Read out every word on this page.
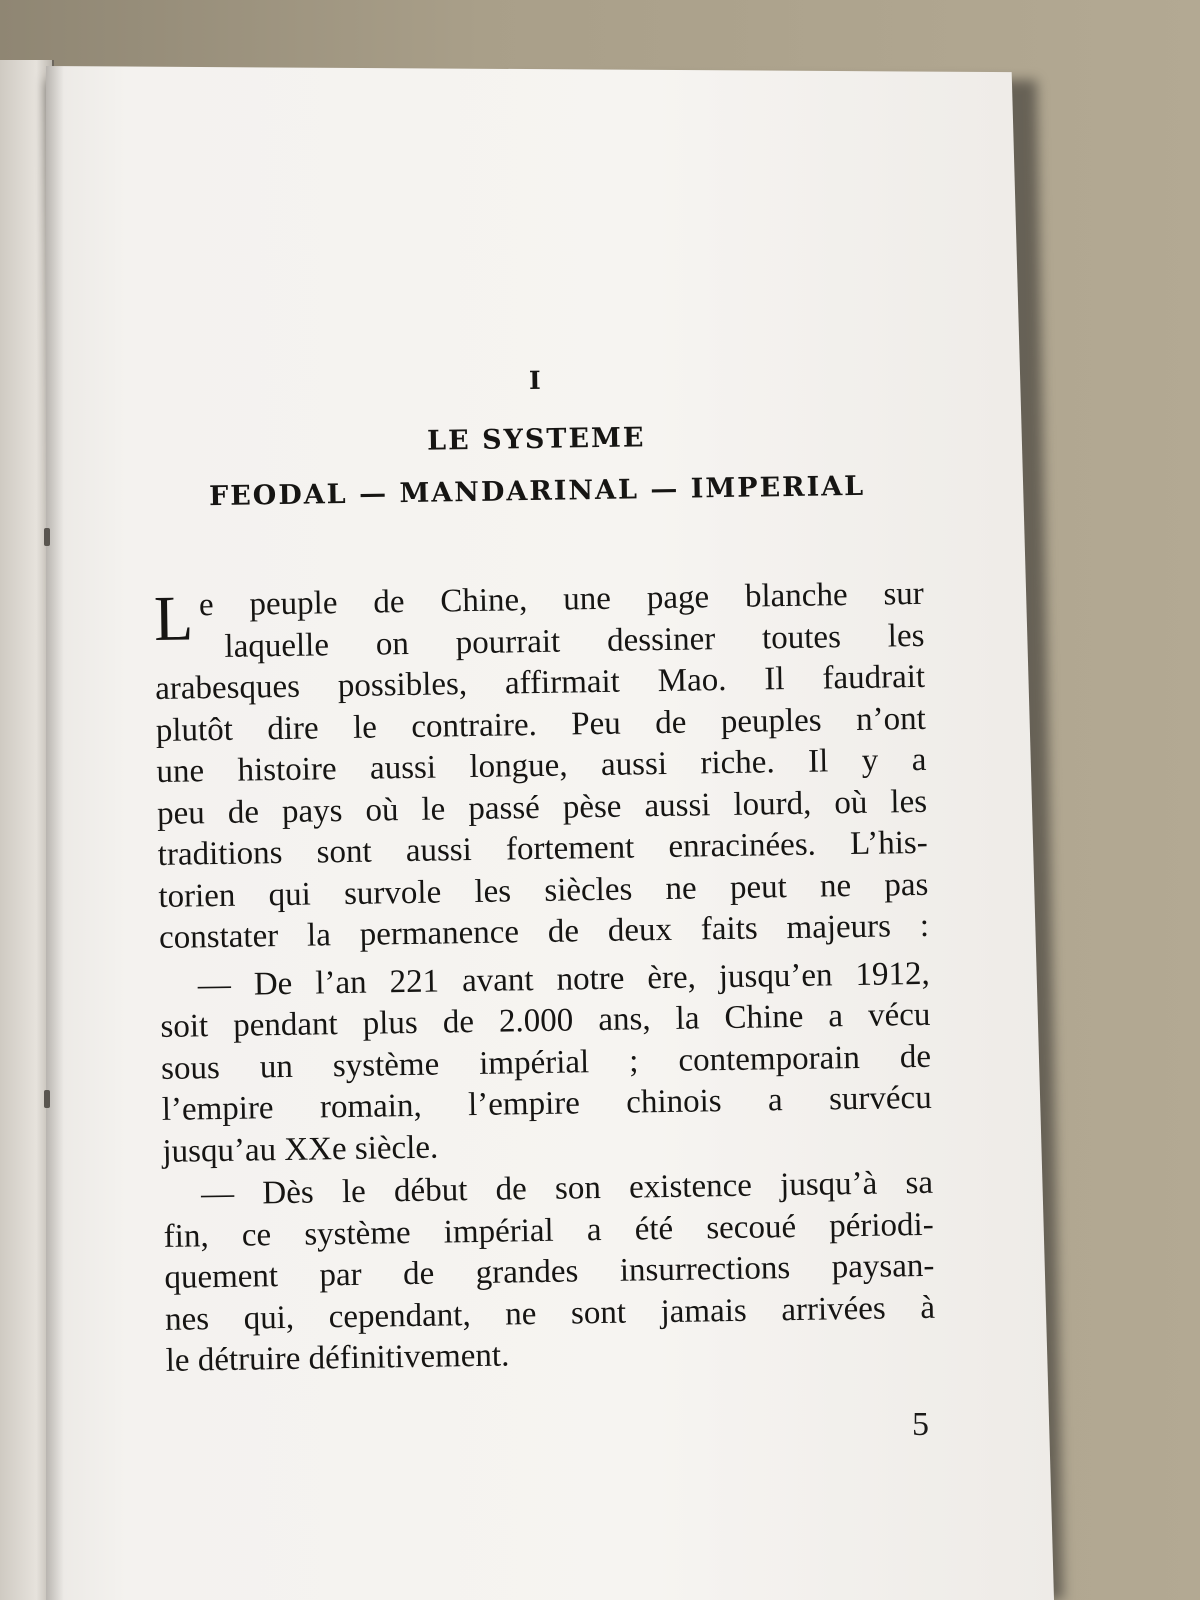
I
LE SYSTEME
FEODAL — MANDARINAL — IMPERIAL
L e peuple de Chine, une page blanche sur
laquelle on pourrait dessiner toutes les
arabesques possibles, affirmait Mao. Il faudrait
plutôt dire le contraire. Peu de peuples n’ont
une histoire aussi longue, aussi riche. Il y a
peu de pays où le passé pèse aussi lourd, où les
traditions sont aussi fortement enracinées. L’his-
torien qui survole les siècles ne peut ne pas
constater la permanence de deux faits majeurs :
— De l’an 221 avant notre ère, jusqu’en 1912,
soit pendant plus de 2.000 ans, la Chine a vécu
sous un système impérial ; contemporain de
l’empire romain, l’empire chinois a survécu
jusqu’au XXe siècle.
— Dès le début de son existence jusqu’à sa
fin, ce système impérial a été secoué périodi-
quement par de grandes insurrections paysan-
nes qui, cependant, ne sont jamais arrivées à
le détruire définitivement.
5
